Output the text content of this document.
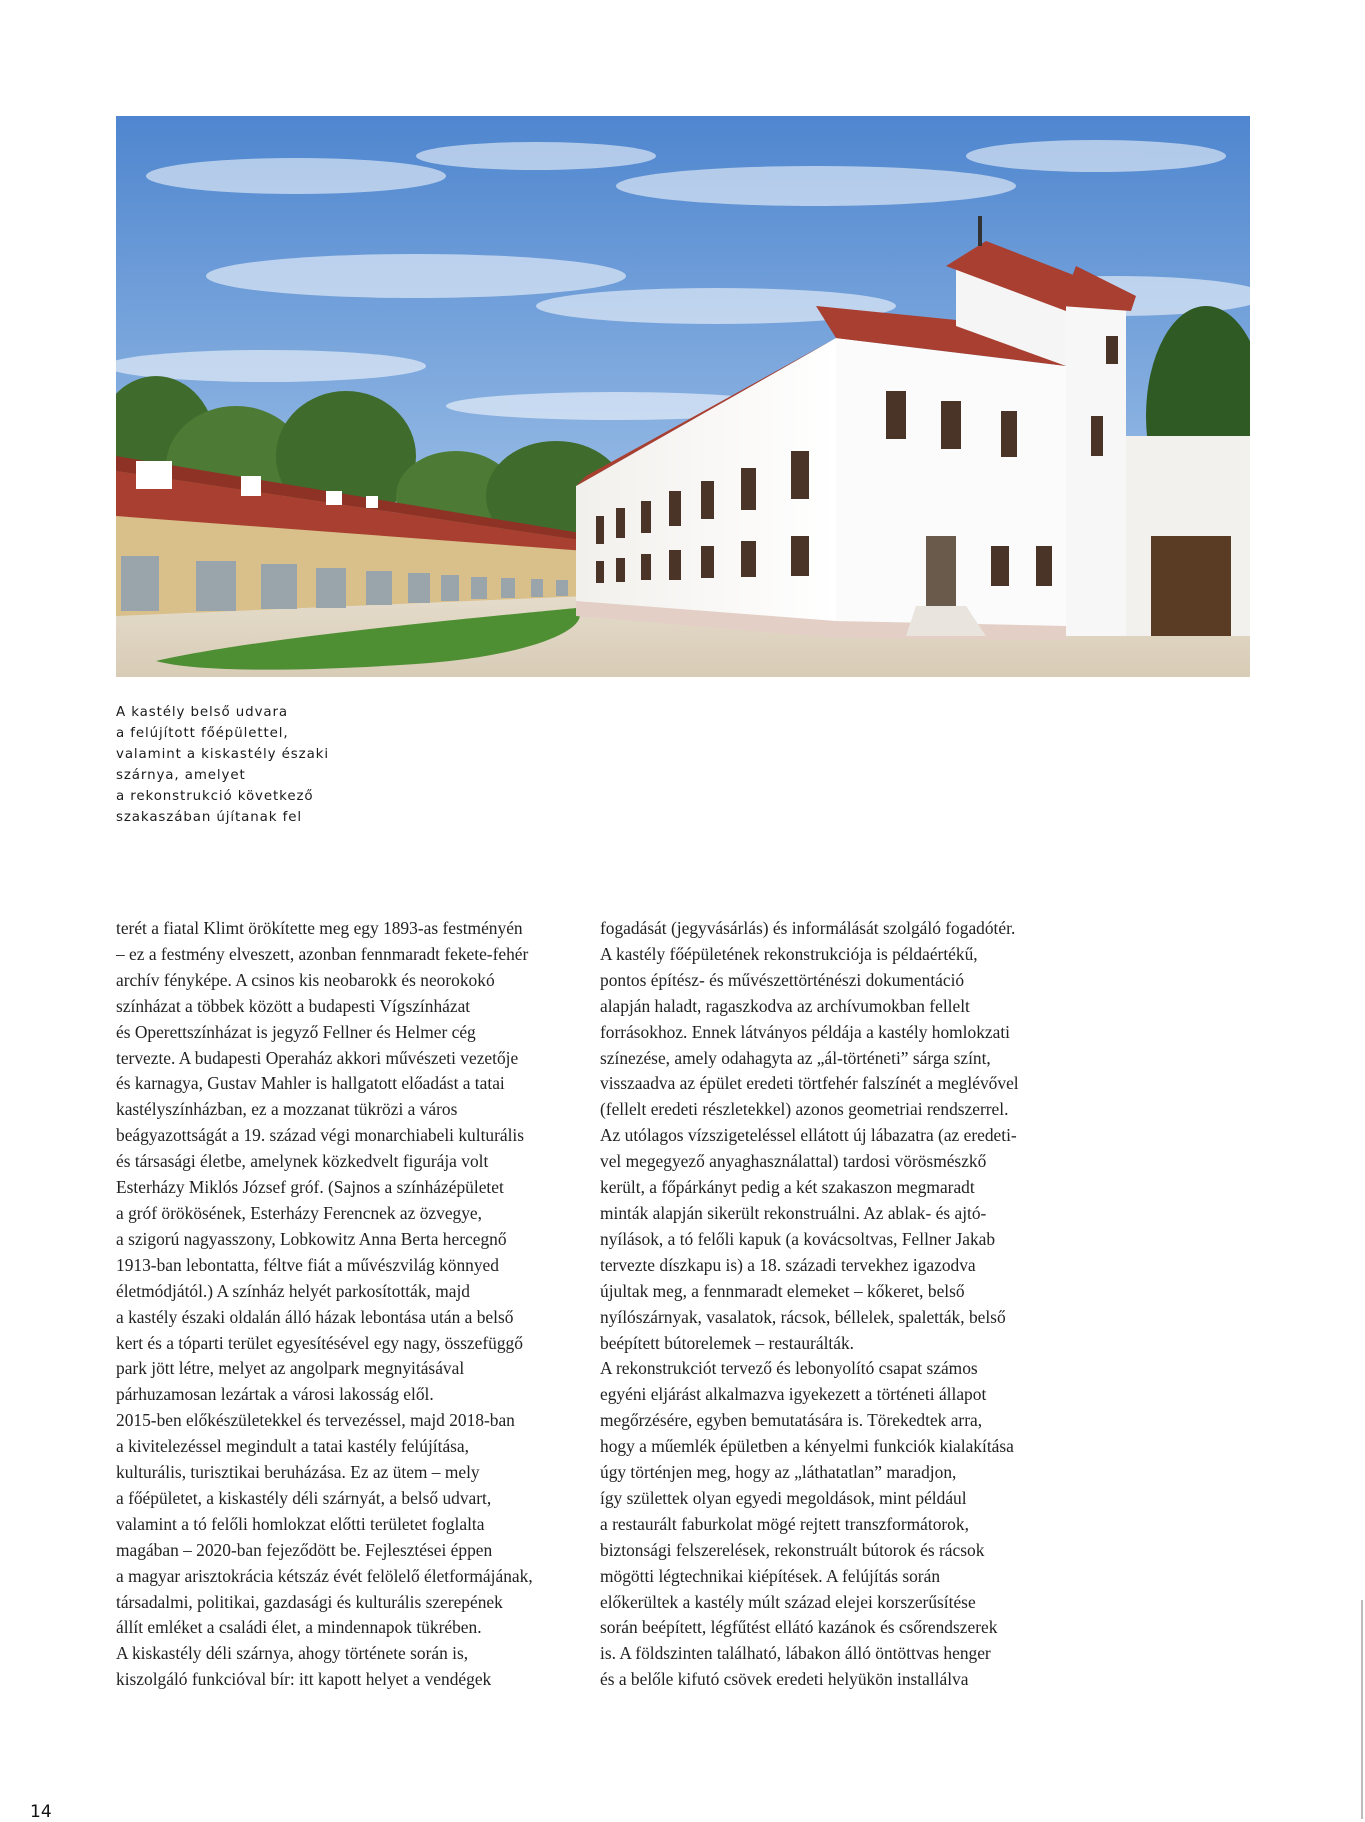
A kastély belső udvara
a felújított főépülettel,
valamint a kiskastély északi
szárnya, amelyet
a rekonstrukció következő
szakaszában újítanak fel
terét a fiatal Klimt örökítette meg egy 1893-as festményén
– ez a festmény elveszett, azonban fennmaradt fekete-fehér
archív fényképe. A csinos kis neobarokk és neorokokó
színházat a többek között a budapesti Vígszínházat
és Operettszínházat is jegyző Fellner és Helmer cég
tervezte. A budapesti Operaház akkori művészeti vezetője
és karnagya, Gustav Mahler is hallgatott előadást a tatai
kastélyszínházban, ez a mozzanat tükrözi a város
beágyazottságát a 19. század végi monarchiabeli kulturális
és társasági életbe, amelynek közkedvelt figurája volt
Esterházy Miklós József gróf. (Sajnos a színházépületet
a gróf örökösének, Esterházy Ferencnek az özvegye,
a szigorú nagyasszony, Lobkowitz Anna Berta hercegnő
1913-ban lebontatta, féltve fiát a művészvilág könnyed
életmódjától.) A színház helyét parkosították, majd
a kastély északi oldalán álló házak lebontása után a belső
kert és a tóparti terület egyesítésével egy nagy, összefüggő
park jött létre, melyet az angolpark megnyitásával
párhuzamosan lezártak a városi lakosság elől.
2015-ben előkészületekkel és tervezéssel, majd 2018-ban
a kivitelezéssel megindult a tatai kastély felújítása,
kulturális, turisztikai beruházása. Ez az ütem – mely
a főépületet, a kiskastély déli szárnyát, a belső udvart,
valamint a tó felőli homlokzat előtti területet foglalta
magában – 2020-ban fejeződött be. Fejlesztései éppen
a magyar arisztokrácia kétszáz évét felölelő életformájának,
társadalmi, politikai, gazdasági és kulturális szerepének
állít emléket a családi élet, a mindennapok tükrében.
A kiskastély déli szárnya, ahogy története során is,
kiszolgáló funkcióval bír: itt kapott helyet a vendégek
fogadását (jegyvásárlás) és informálását szolgáló fogadótér.
A kastély főépületének rekonstrukciója is példaértékű,
pontos építész- és művészettörténészi dokumentáció
alapján haladt, ragaszkodva az archívumokban fellelt
forrásokhoz. Ennek látványos példája a kastély homlokzati
színezése, amely odahagyta az „ál-történeti” sárga színt,
visszaadva az épület eredeti törtfehér falszínét a meglévővel
(fellelt eredeti részletekkel) azonos geometriai rendszerrel.
Az utólagos vízszigeteléssel ellátott új lábazatra (az eredeti-
vel megegyező anyaghasználattal) tardosi vörösmészkő
került, a főpárkányt pedig a két szakaszon megmaradt
minták alapján sikerült rekonstruálni. Az ablak- és ajtó-
nyílások, a tó felőli kapuk (a kovácsoltvas, Fellner Jakab
tervezte díszkapu is) a 18. századi tervekhez igazodva
újultak meg, a fennmaradt elemeket – kőkeret, belső
nyílószárnyak, vasalatok, rácsok, béllelek, spaletták, belső
beépített bútorelemek – restaurálták.
A rekonstrukciót tervező és lebonyolító csapat számos
egyéni eljárást alkalmazva igyekezett a történeti állapot
megőrzésére, egyben bemutatására is. Törekedtek arra,
hogy a műemlék épületben a kényelmi funkciók kialakítása
úgy történjen meg, hogy az „láthatatlan” maradjon,
így születtek olyan egyedi megoldások, mint például
a restaurált faburkolat mögé rejtett transzformátorok,
biztonsági felszerelések, rekonstruált bútorok és rácsok
mögötti légtechnikai kiépítések. A felújítás során
előkerültek a kastély múlt század elejei korszerűsítése
során beépített, légfűtést ellátó kazánok és csőrendszerek
is. A földszinten található, lábakon álló öntöttvas henger
és a belőle kifutó csövek eredeti helyükön installálva
14
